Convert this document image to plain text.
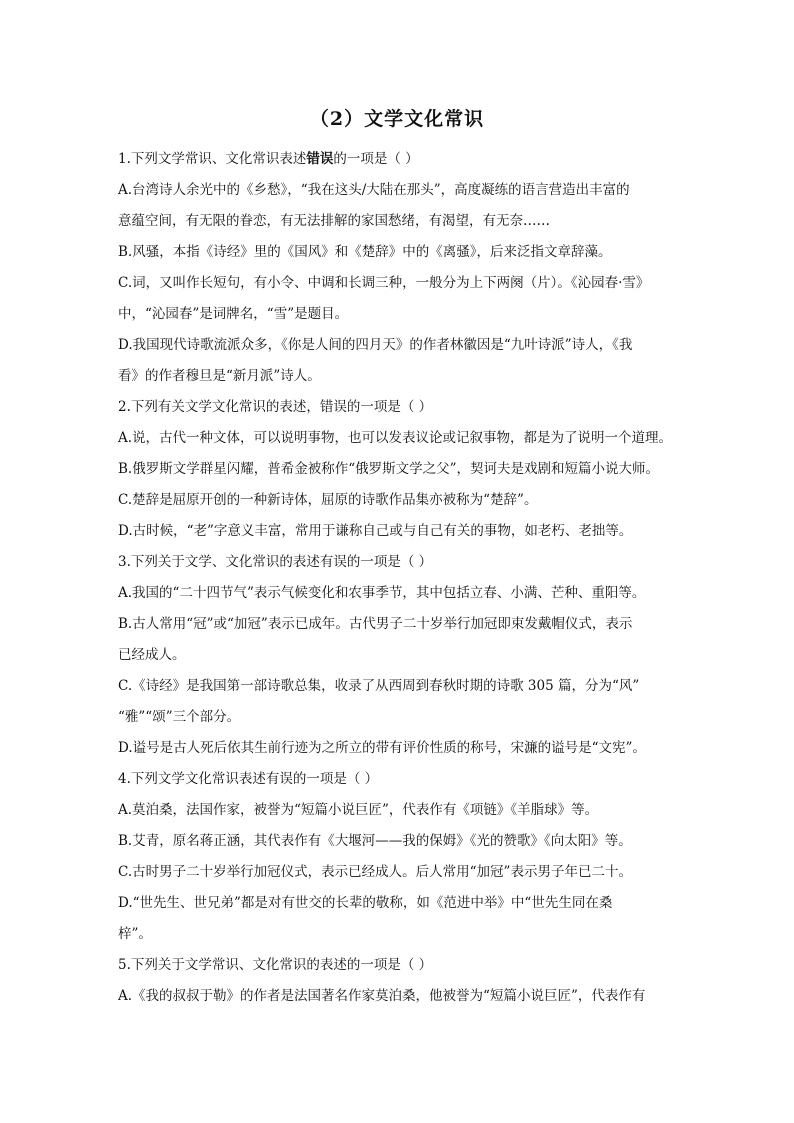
（2）文学文化常识
1.下列文学常识、文化常识表述错误的一项是（ ）
A.台湾诗人余光中的《乡愁》，“我在这头/大陆在那头”，高度凝练的语言营造出丰富的
意蕴空间，有无限的眷恋，有无法排解的家国愁绪，有渴望，有无奈……
B.风骚，本指《诗经》里的《国风》和《楚辞》中的《离骚》，后来泛指文章辞藻。
C.词，又叫作长短句，有小令、中调和长调三种，一般分为上下两阕（片）。《沁园春·雪》
中，“沁园春”是词牌名，“雪”是题目。
D.我国现代诗歌流派众多，《你是人间的四月天》的作者林徽因是“九叶诗派”诗人，《我
看》的作者穆旦是“新月派”诗人。
2.下列有关文学文化常识的表述，错误的一项是（ ）
A.说，古代一种文体，可以说明事物，也可以发表议论或记叙事物，都是为了说明一个道理。
B.俄罗斯文学群星闪耀，普希金被称作“俄罗斯文学之父”，契诃夫是戏剧和短篇小说大师。
C.楚辞是屈原开创的一种新诗体，屈原的诗歌作品集亦被称为“楚辞”。
D.古时候，“老”字意义丰富，常用于谦称自己或与自己有关的事物，如老朽、老拙等。
3.下列关于文学、文化常识的表述有误的一项是（ ）
A.我国的“二十四节气”表示气候变化和农事季节，其中包括立春、小满、芒种、重阳等。
B.古人常用“冠”或“加冠”表示已成年。古代男子二十岁举行加冠即束发戴帽仪式，表示
已经成人。
C.《诗经》是我国第一部诗歌总集，收录了从西周到春秋时期的诗歌 305 篇，分为“风”
“雅”“颂”三个部分。
D.谥号是古人死后依其生前行迹为之所立的带有评价性质的称号，宋濂的谥号是“文宪”。
4.下列文学文化常识表述有误的一项是（ ）
A.莫泊桑，法国作家，被誉为“短篇小说巨匠”，代表作有《项链》《羊脂球》等。
B.艾青，原名蒋正涵，其代表作有《大堰河——我的保姆》《光的赞歌》《向太阳》等。
C.古时男子二十岁举行加冠仪式，表示已经成人。后人常用“加冠”表示男子年已二十。
D.“世先生、世兄弟”都是对有世交的长辈的敬称，如《范进中举》中“世先生同在桑
梓”。
5.下列关于文学常识、文化常识的表述的一项是（ ）
A.《我的叔叔于勒》的作者是法国著名作家莫泊桑，他被誉为“短篇小说巨匠”，代表作有
